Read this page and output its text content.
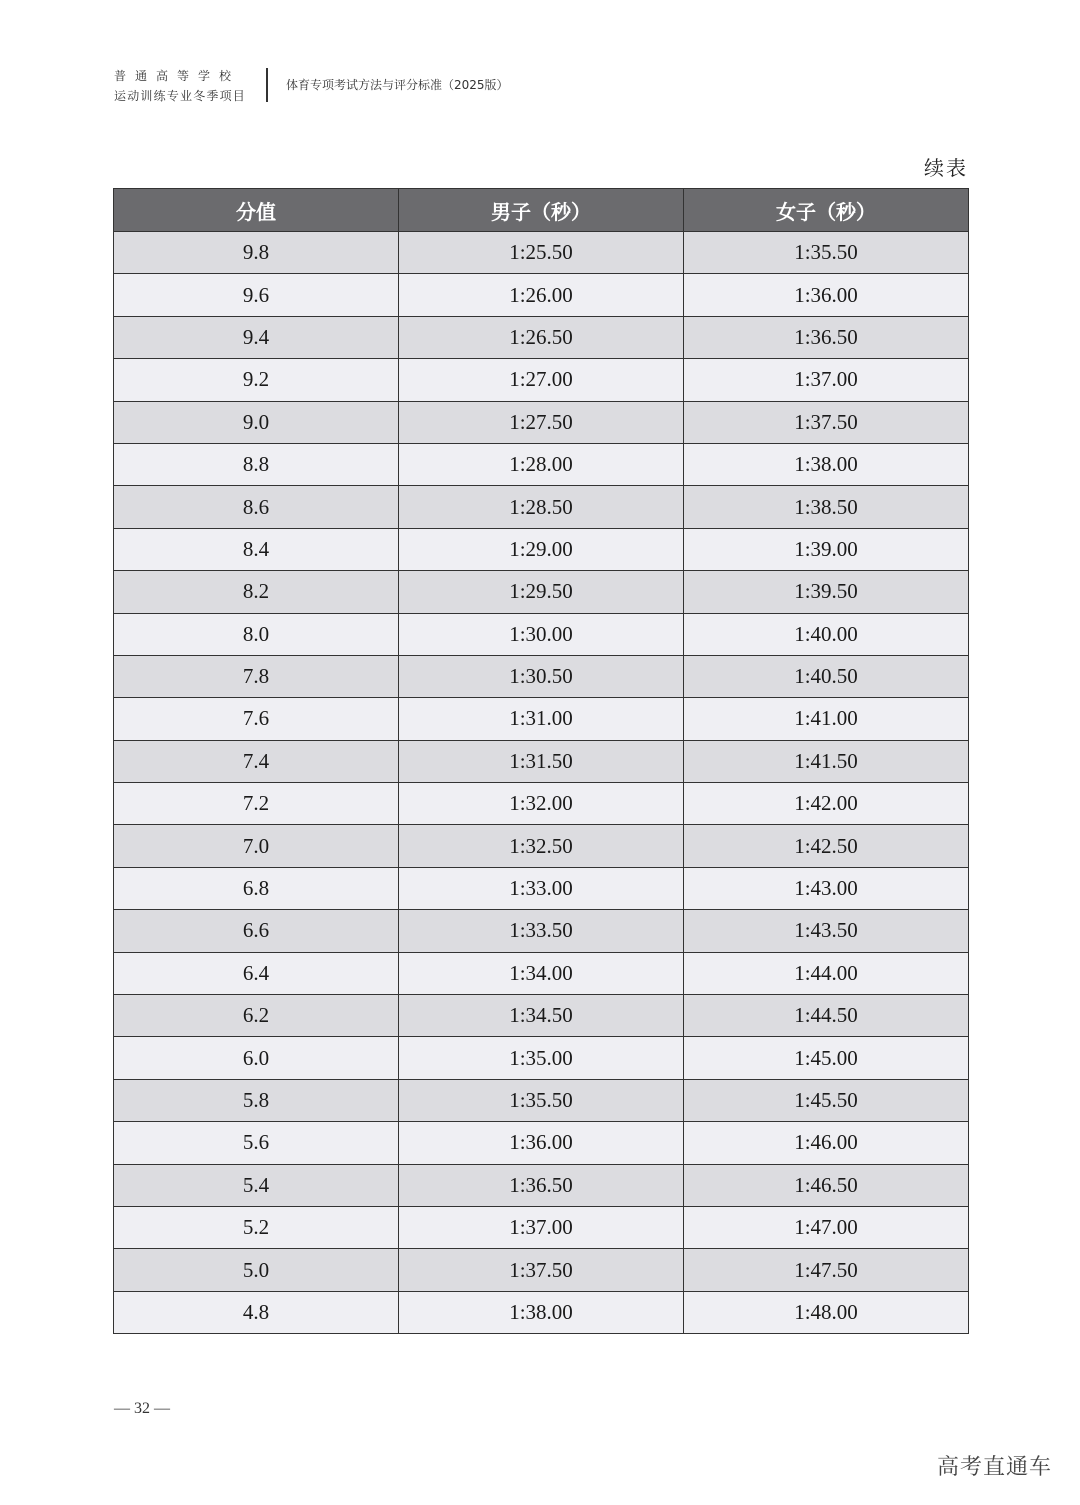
普通高等学校
运动训练专业冬季项目
体育专项考试方法与评分标准（2025版）
续表
分值	男子（秒）	女子（秒）
9.8	1:25.50	1:35.50
9.6	1:26.00	1:36.00
9.4	1:26.50	1:36.50
9.2	1:27.00	1:37.00
9.0	1:27.50	1:37.50
8.8	1:28.00	1:38.00
8.6	1:28.50	1:38.50
8.4	1:29.00	1:39.00
8.2	1:29.50	1:39.50
8.0	1:30.00	1:40.00
7.8	1:30.50	1:40.50
7.6	1:31.00	1:41.00
7.4	1:31.50	1:41.50
7.2	1:32.00	1:42.00
7.0	1:32.50	1:42.50
6.8	1:33.00	1:43.00
6.6	1:33.50	1:43.50
6.4	1:34.00	1:44.00
6.2	1:34.50	1:44.50
6.0	1:35.00	1:45.00
5.8	1:35.50	1:45.50
5.6	1:36.00	1:46.00
5.4	1:36.50	1:46.50
5.2	1:37.00	1:47.00
5.0	1:37.50	1:47.50
4.8	1:38.00	1:48.00
— 32 —
高考直通车
